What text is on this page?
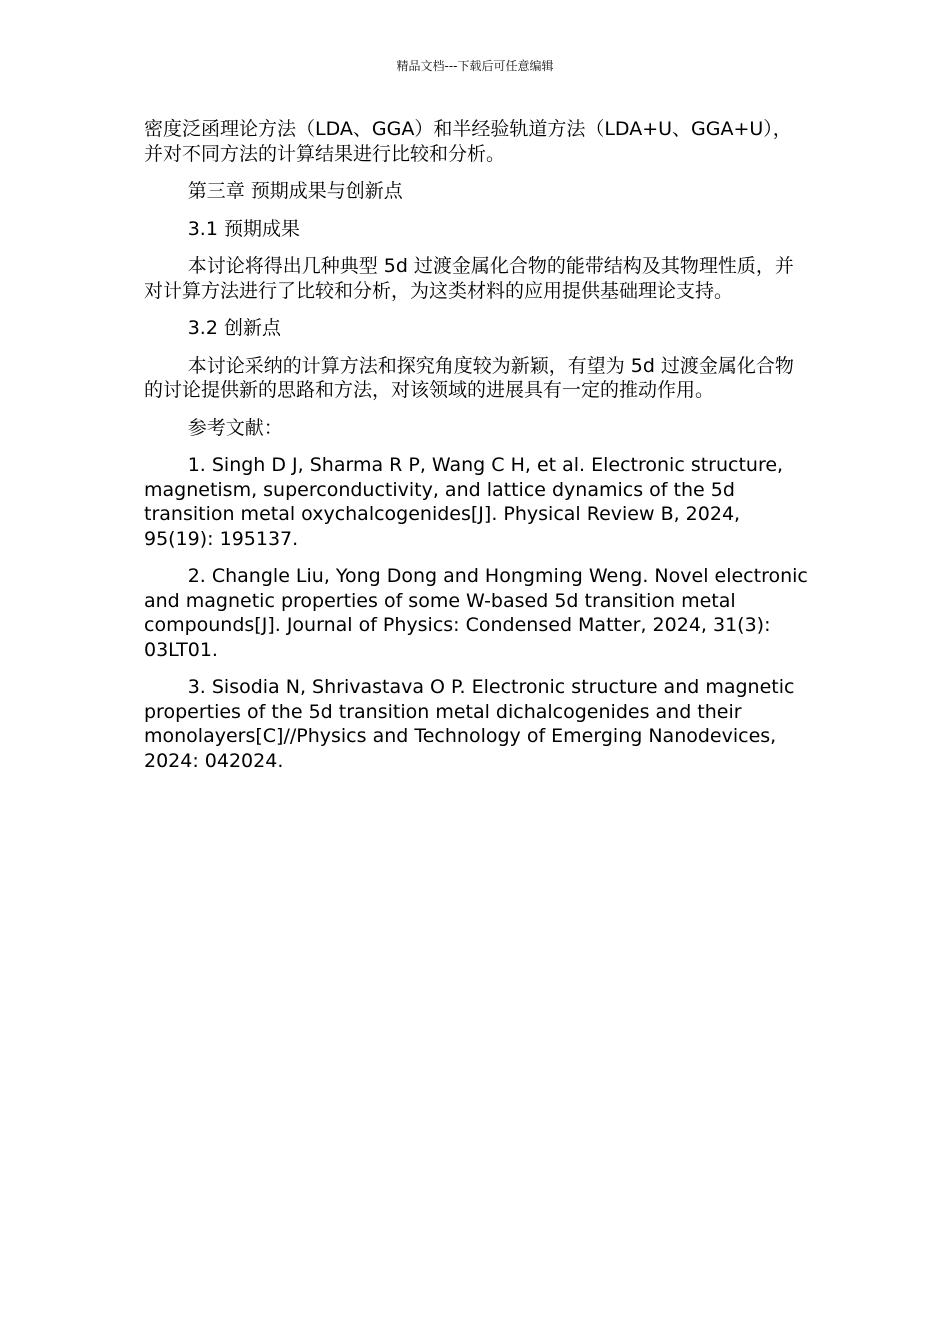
精品文档---下载后可任意编辑

密度泛函理论方法（LDA、GGA）和半经验轨道方法（LDA+U、GGA+U），并对不同方法的计算结果进行比较和分析。

第三章 预期成果与创新点

3.1 预期成果

本讨论将得出几种典型 5d 过渡金属化合物的能带结构及其物理性质，并对计算方法进行了比较和分析，为这类材料的应用提供基础理论支持。

3.2 创新点

本讨论采纳的计算方法和探究角度较为新颖，有望为 5d 过渡金属化合物的讨论提供新的思路和方法，对该领域的进展具有一定的推动作用。

参考文献：

1. Singh D J, Sharma R P, Wang C H, et al. Electronic structure, magnetism, superconductivity, and lattice dynamics of the 5d transition metal oxychalcogenides[J]. Physical Review B, 2024, 95(19): 195137.

2. Changle Liu, Yong Dong and Hongming Weng. Novel electronic and magnetic properties of some W-based 5d transition metal compounds[J]. Journal of Physics: Condensed Matter, 2024, 31(3): 03LT01.

3. Sisodia N, Shrivastava O P. Electronic structure and magnetic properties of the 5d transition metal dichalcogenides and their monolayers[C]//Physics and Technology of Emerging Nanodevices, 2024: 042024.
